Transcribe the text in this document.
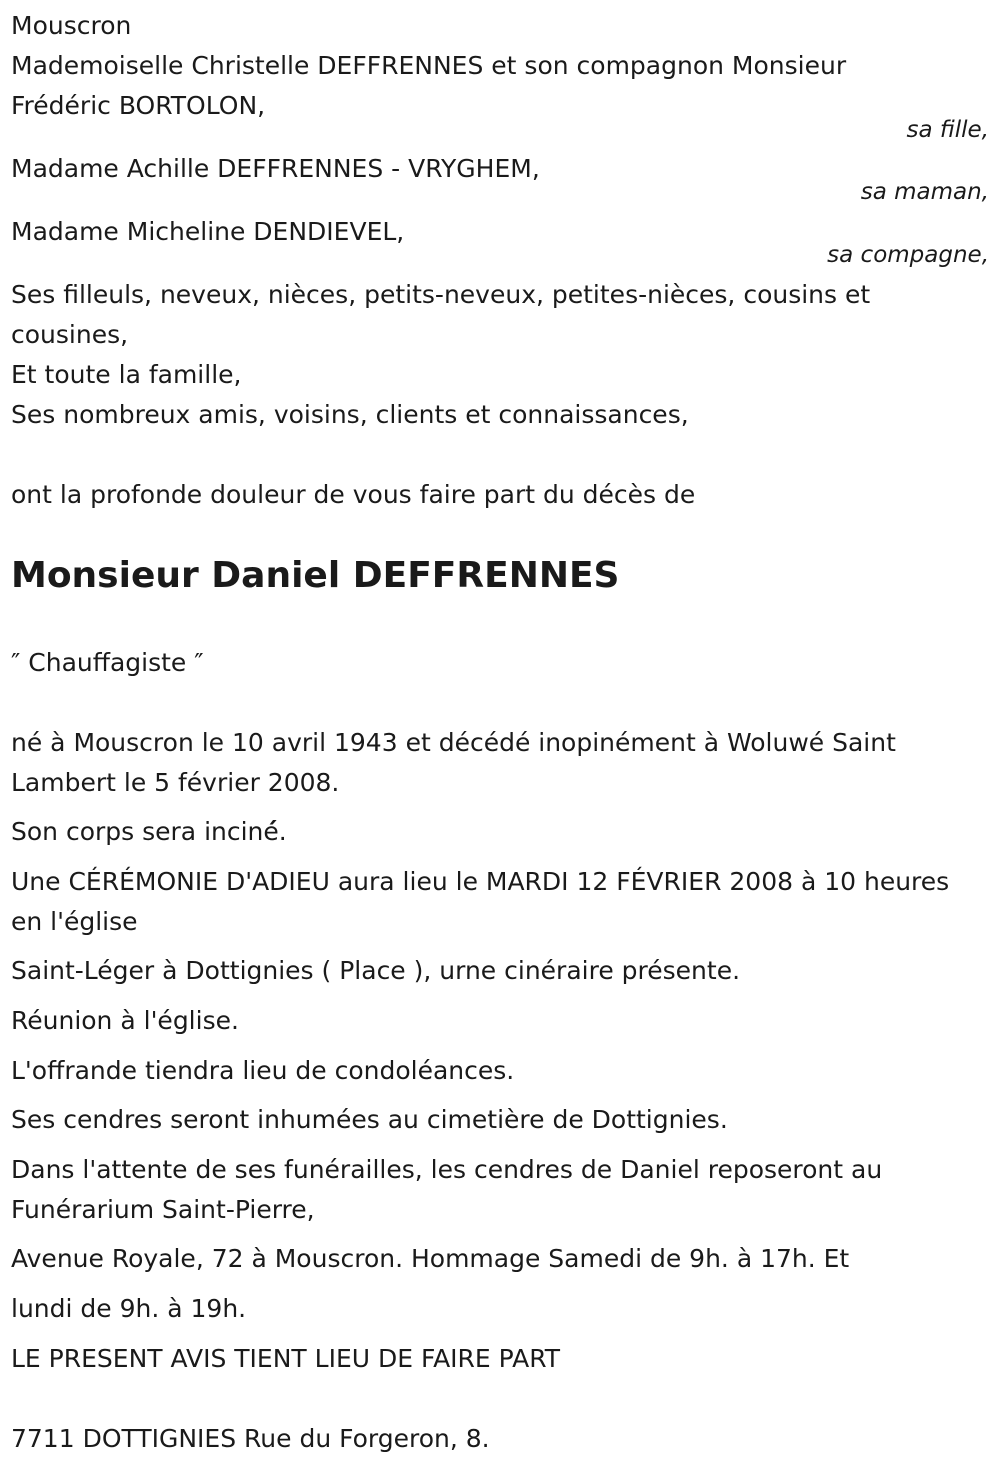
Mouscron

Mademoiselle Christelle DEFFRENNES et son compagnon Monsieur

Frédéric BORTOLON,

sa fille,

Madame Achille DEFFRENNES - VRYGHEM,

sa maman,

Madame Micheline DENDIEVEL,

sa compagne,

Ses filleuls, neveux, nièces, petits-neveux, petites-nièces, cousins et

cousines,

Et toute la famille,

Ses nombreux amis, voisins, clients et connaissances,

ont la profonde douleur de vous faire part du décès de

Monsieur Daniel DEFFRENNES

″ Chauffagiste ″

né à Mouscron le 10 avril 1943 et décédé inopinément à Woluwé Saint

Lambert le 5 février 2008.

Son corps sera inciné́.

Une CÉRÉMONIE D'ADIEU aura lieu le MARDI 12 FÉVRIER 2008 à 10 heures

en l'église

Saint-Léger à Dottignies ( Place ), urne cinéraire présente.

Réunion à l'église.

L'offrande tiendra lieu de condoléances.

Ses cendres seront inhumées au cimetière de Dottignies.

Dans l'attente de ses funérailles, les cendres de Daniel reposeront au

Funérarium Saint-Pierre,

Avenue Royale, 72 à Mouscron. Hommage Samedi de 9h. à 17h. Et

lundi de 9h. à 19h.

LE PRESENT AVIS TIENT LIEU DE FAIRE PART

7711 DOTTIGNIES Rue du Forgeron, 8.
